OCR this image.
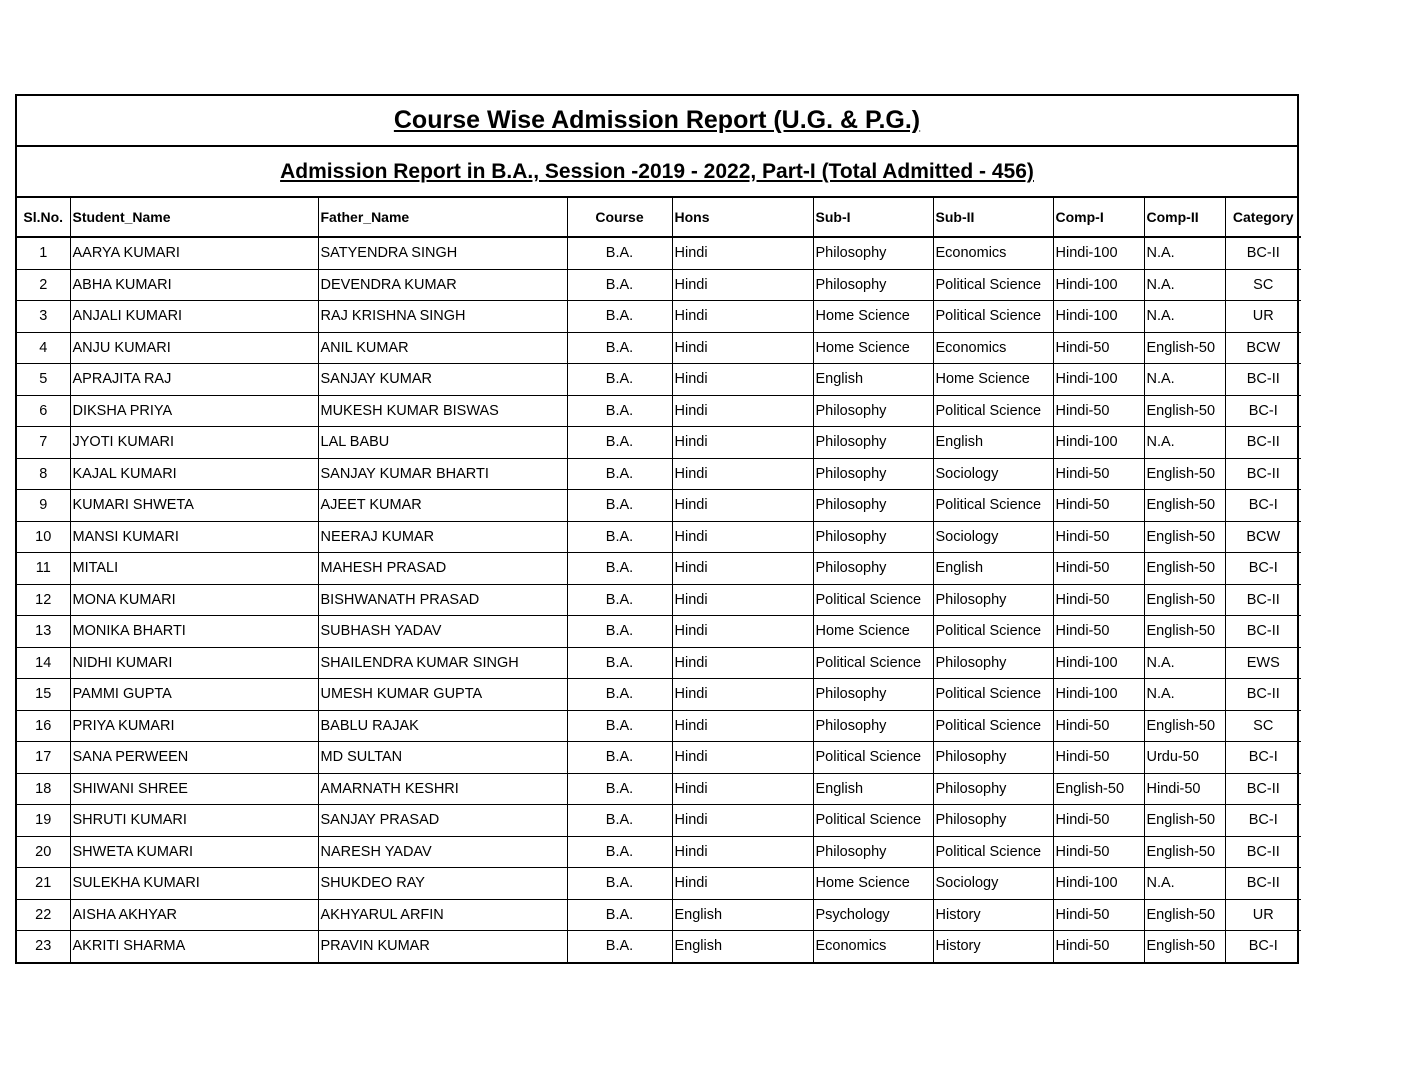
Course Wise Admission Report (U.G. & P.G.)
Admission Report in B.A., Session -2019 - 2022, Part-I (Total Admitted - 456)
Sl.No.	Student_Name	Father_Name	Course	Hons	Sub-I	Sub-II	Comp-I	Comp-II	Category
1	AARYA KUMARI	SATYENDRA SINGH	B.A.	Hindi	Philosophy	Economics	Hindi-100	N.A.	BC-II
2	ABHA KUMARI	DEVENDRA KUMAR	B.A.	Hindi	Philosophy	Political Science	Hindi-100	N.A.	SC
3	ANJALI KUMARI	RAJ KRISHNA SINGH	B.A.	Hindi	Home Science	Political Science	Hindi-100	N.A.	UR
4	ANJU KUMARI	ANIL KUMAR	B.A.	Hindi	Home Science	Economics	Hindi-50	English-50	BCW
5	APRAJITA RAJ	SANJAY KUMAR	B.A.	Hindi	English	Home Science	Hindi-100	N.A.	BC-II
6	DIKSHA PRIYA	MUKESH KUMAR BISWAS	B.A.	Hindi	Philosophy	Political Science	Hindi-50	English-50	BC-I
7	JYOTI KUMARI	LAL BABU	B.A.	Hindi	Philosophy	English	Hindi-100	N.A.	BC-II
8	KAJAL KUMARI	SANJAY KUMAR BHARTI	B.A.	Hindi	Philosophy	Sociology	Hindi-50	English-50	BC-II
9	KUMARI SHWETA	AJEET KUMAR	B.A.	Hindi	Philosophy	Political Science	Hindi-50	English-50	BC-I
10	MANSI KUMARI	NEERAJ KUMAR	B.A.	Hindi	Philosophy	Sociology	Hindi-50	English-50	BCW
11	MITALI	MAHESH PRASAD	B.A.	Hindi	Philosophy	English	Hindi-50	English-50	BC-I
12	MONA KUMARI	BISHWANATH PRASAD	B.A.	Hindi	Political Science	Philosophy	Hindi-50	English-50	BC-II
13	MONIKA BHARTI	SUBHASH YADAV	B.A.	Hindi	Home Science	Political Science	Hindi-50	English-50	BC-II
14	NIDHI KUMARI	SHAILENDRA KUMAR SINGH	B.A.	Hindi	Political Science	Philosophy	Hindi-100	N.A.	EWS
15	PAMMI GUPTA	UMESH KUMAR GUPTA	B.A.	Hindi	Philosophy	Political Science	Hindi-100	N.A.	BC-II
16	PRIYA KUMARI	BABLU RAJAK	B.A.	Hindi	Philosophy	Political Science	Hindi-50	English-50	SC
17	SANA PERWEEN	MD SULTAN	B.A.	Hindi	Political Science	Philosophy	Hindi-50	Urdu-50	BC-I
18	SHIWANI SHREE	AMARNATH KESHRI	B.A.	Hindi	English	Philosophy	English-50	Hindi-50	BC-II
19	SHRUTI KUMARI	SANJAY PRASAD	B.A.	Hindi	Political Science	Philosophy	Hindi-50	English-50	BC-I
20	SHWETA KUMARI	NARESH YADAV	B.A.	Hindi	Philosophy	Political Science	Hindi-50	English-50	BC-II
21	SULEKHA KUMARI	SHUKDEO RAY	B.A.	Hindi	Home Science	Sociology	Hindi-100	N.A.	BC-II
22	AISHA AKHYAR	AKHYARUL ARFIN	B.A.	English	Psychology	History	Hindi-50	English-50	UR
23	AKRITI SHARMA	PRAVIN KUMAR	B.A.	English	Economics	History	Hindi-50	English-50	BC-I
